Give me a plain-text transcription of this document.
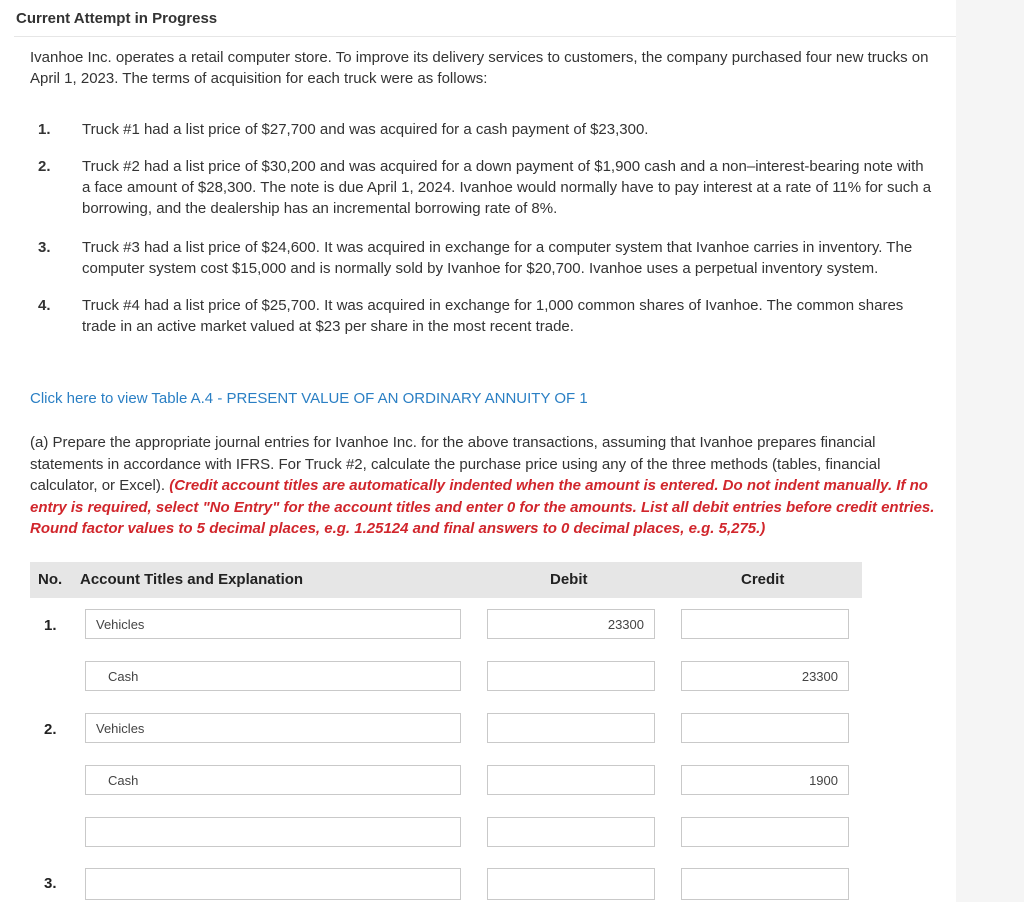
Current Attempt in Progress
Ivanhoe Inc. operates a retail computer store. To improve its delivery services to customers, the company purchased four new trucks on April 1, 2023. The terms of acquisition for each truck were as follows:
1. Truck #1 had a list price of $27,700 and was acquired for a cash payment of $23,300.
2. Truck #2 had a list price of $30,200 and was acquired for a down payment of $1,900 cash and a non–interest-bearing note with a face amount of $28,300. The note is due April 1, 2024. Ivanhoe would normally have to pay interest at a rate of 11% for such a borrowing, and the dealership has an incremental borrowing rate of 8%.
3. Truck #3 had a list price of $24,600. It was acquired in exchange for a computer system that Ivanhoe carries in inventory. The computer system cost $15,000 and is normally sold by Ivanhoe for $20,700. Ivanhoe uses a perpetual inventory system.
4. Truck #4 had a list price of $25,700. It was acquired in exchange for 1,000 common shares of Ivanhoe. The common shares trade in an active market valued at $23 per share in the most recent trade.
Click here to view Table A.4 - PRESENT VALUE OF AN ORDINARY ANNUITY OF 1
(a) Prepare the appropriate journal entries for Ivanhoe Inc. for the above transactions, assuming that Ivanhoe prepares financial statements in accordance with IFRS. For Truck #2, calculate the purchase price using any of the three methods (tables, financial calculator, or Excel). (Credit account titles are automatically indented when the amount is entered. Do not indent manually. If no entry is required, select "No Entry" for the account titles and enter 0 for the amounts. List all debit entries before credit entries. Round factor values to 5 decimal places, e.g. 1.25124 and final answers to 0 decimal places, e.g. 5,275.)
No. Account Titles and Explanation	Debit	Credit
1.
Vehicles
23300
Cash
23300
2.
Vehicles
Cash
1900
3.
